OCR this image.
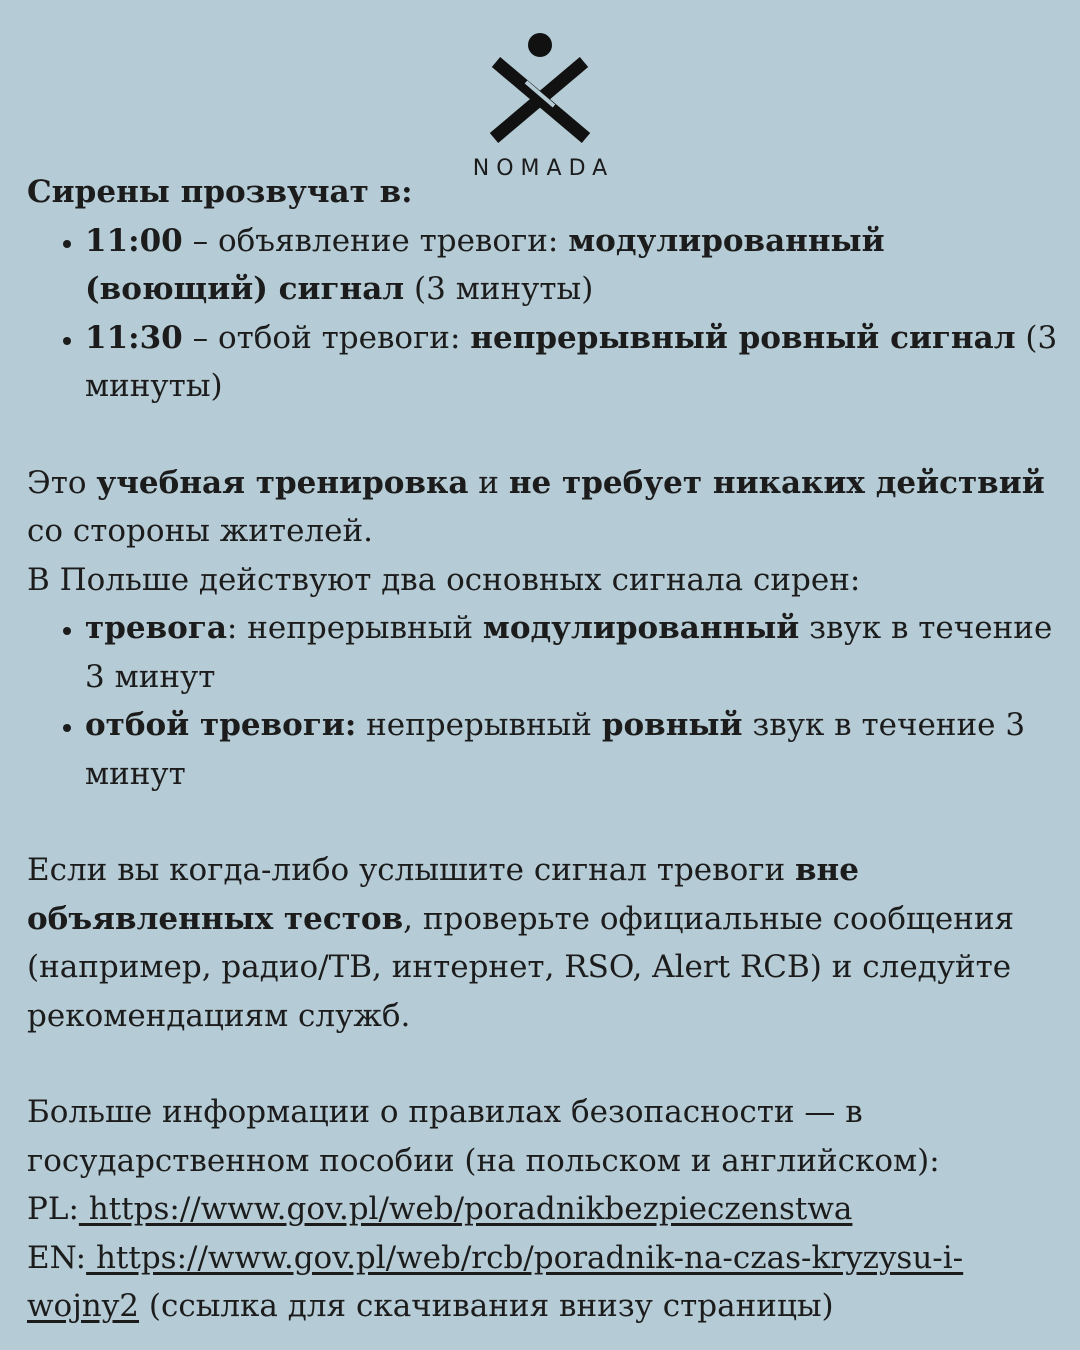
NOMADA

Сирены прозвучат в:

• 11:00 – объявление тревоги: модулированный (воющий) сигнал (3 минуты)
• 11:30 – отбой тревоги: непрерывный ровный сигнал (3 минуты)

Это учебная тренировка и не требует никаких действий со стороны жителей.

В Польше действуют два основных сигнала сирен:

• тревога: непрерывный модулированный звук в течение 3 минут
• отбой тревоги: непрерывный ровный звук в течение 3 минут

Если вы когда-либо услышите сигнал тревоги вне объявленных тестов, проверьте официальные сообщения (например, радио/ТВ, интернет, RSO, Alert RCB) и следуйте рекомендациям служб.

Больше информации о правилах безопасности — в государственном пособии (на польском и английском):

PL: https://www.gov.pl/web/poradnikbezpieczenstwa

EN: https://www.gov.pl/web/rcb/poradnik-na-czas-kryzysu-i-wojny2 (ссылка для скачивания внизу страницы)
